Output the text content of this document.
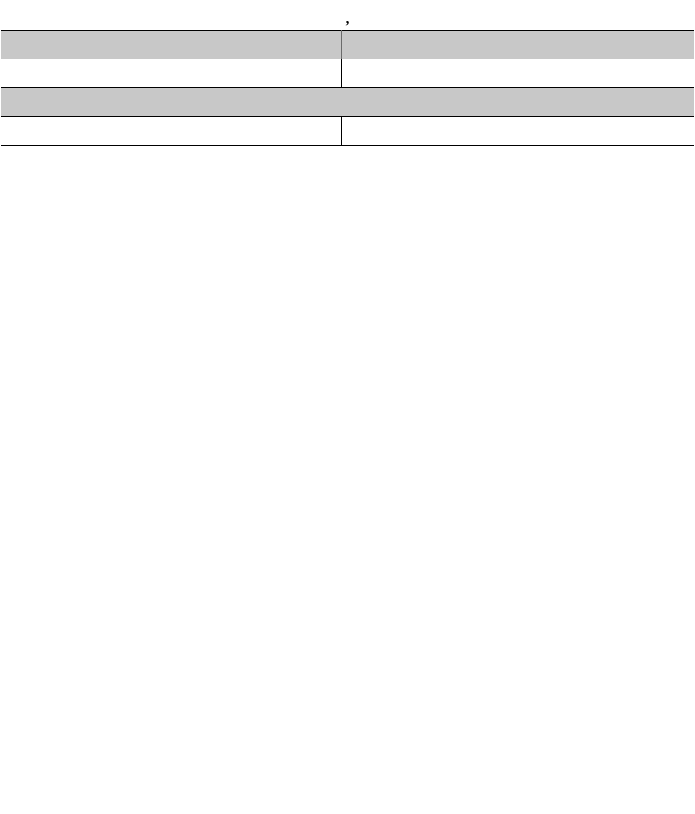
,
